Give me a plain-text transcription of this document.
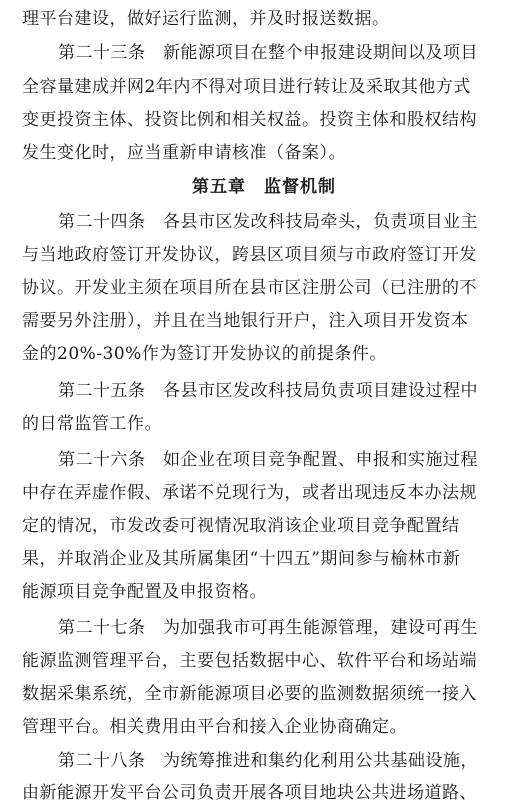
理平台建设，做好运行监测，并及时报送数据。
第二十三条　新能源项目在整个申报建设期间以及项目
全容量建成并网2年内不得对项目进行转让及采取其他方式
变更投资主体、投资比例和相关权益。投资主体和股权结构
发生变化时，应当重新申请核准（备案）。
第五章　监督机制
第二十四条　各县市区发改科技局牵头，负责项目业主
与当地政府签订开发协议，跨县区项目须与市政府签订开发
协议。开发业主须在项目所在县市区注册公司（已注册的不
需要另外注册），并且在当地银行开户，注入项目开发资本
金的20%-30%作为签订开发协议的前提条件。
第二十五条　各县市区发改科技局负责项目建设过程中
的日常监管工作。
第二十六条　如企业在项目竞争配置、申报和实施过程
中存在弄虚作假、承诺不兑现行为，或者出现违反本办法规
定的情况，市发改委可视情况取消该企业项目竞争配置结
果，并取消企业及其所属集团“十四五”期间参与榆林市新
能源项目竞争配置及申报资格。
第二十七条　为加强我市可再生能源管理，建设可再生
能源监测管理平台，主要包括数据中心、软件平台和场站端
数据采集系统，全市新能源项目必要的监测数据须统一接入
管理平台。相关费用由平台和接入企业协商确定。
第二十八条　为统筹推进和集约化利用公共基础设施，
由新能源开发平台公司负责开展各项目地块公共进场道路、
